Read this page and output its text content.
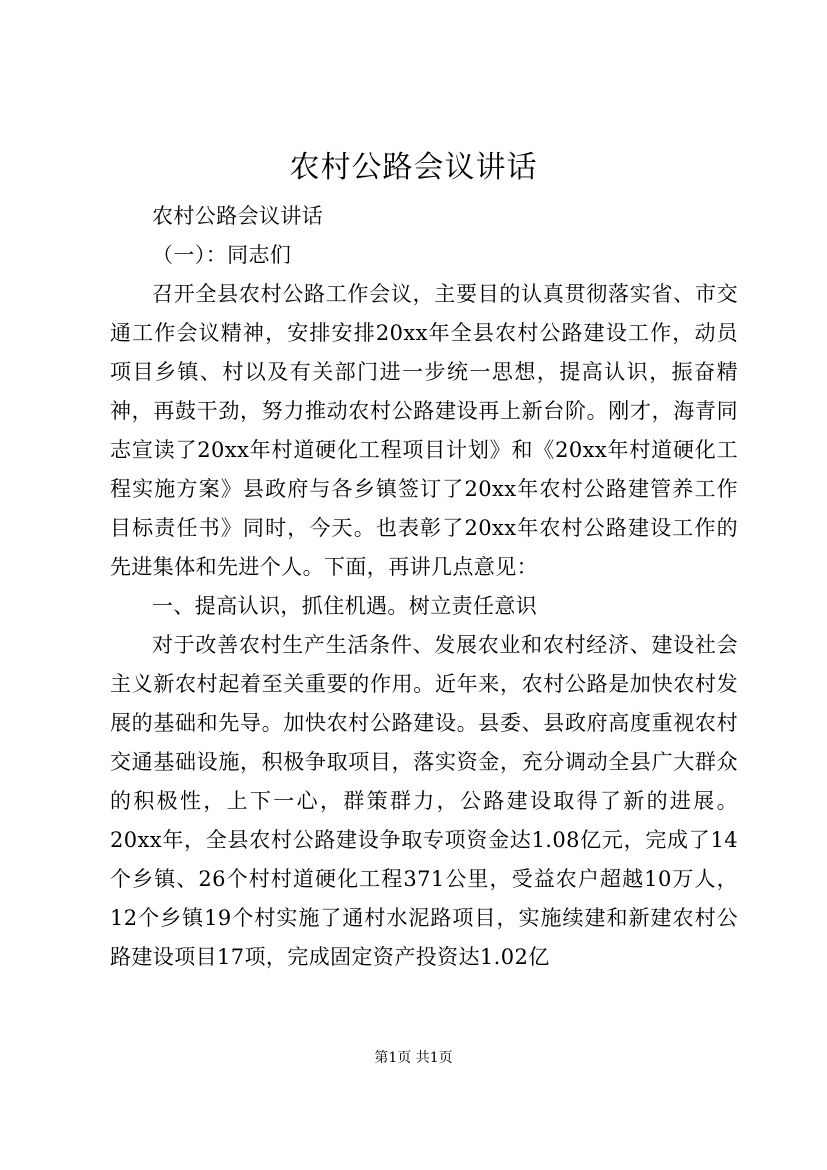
农村公路会议讲话

农村公路会议讲话

（一）：同志们

召开全县农村公路工作会议，主要目的认真贯彻落实省、市交通工作会议精神，安排安排20xx年全县农村公路建设工作，动员项目乡镇、村以及有关部门进一步统一思想，提高认识，振奋精神，再鼓干劲，努力推动农村公路建设再上新台阶。刚才，海青同志宣读了20xx年村道硬化工程项目计划》和《20xx年村道硬化工程实施方案》县政府与各乡镇签订了20xx年农村公路建管养工作目标责任书》同时，今天。也表彰了20xx年农村公路建设工作的先进集体和先进个人。下面，再讲几点意见：

一、提高认识，抓住机遇。树立责任意识

对于改善农村生产生活条件、发展农业和农村经济、建设社会主义新农村起着至关重要的作用。近年来，农村公路是加快农村发展的基础和先导。加快农村公路建设。县委、县政府高度重视农村交通基础设施，积极争取项目，落实资金，充分调动全县广大群众的积极性，上下一心，群策群力，公路建设取得了新的进展。20xx年，全县农村公路建设争取专项资金达1.08亿元，完成了14个乡镇、26个村村道硬化工程371公里，受益农户超越10万人，12个乡镇19个村实施了通村水泥路项目，实施续建和新建农村公路建设项目17项，完成固定资产投资达1.02亿

第1页 共1页
